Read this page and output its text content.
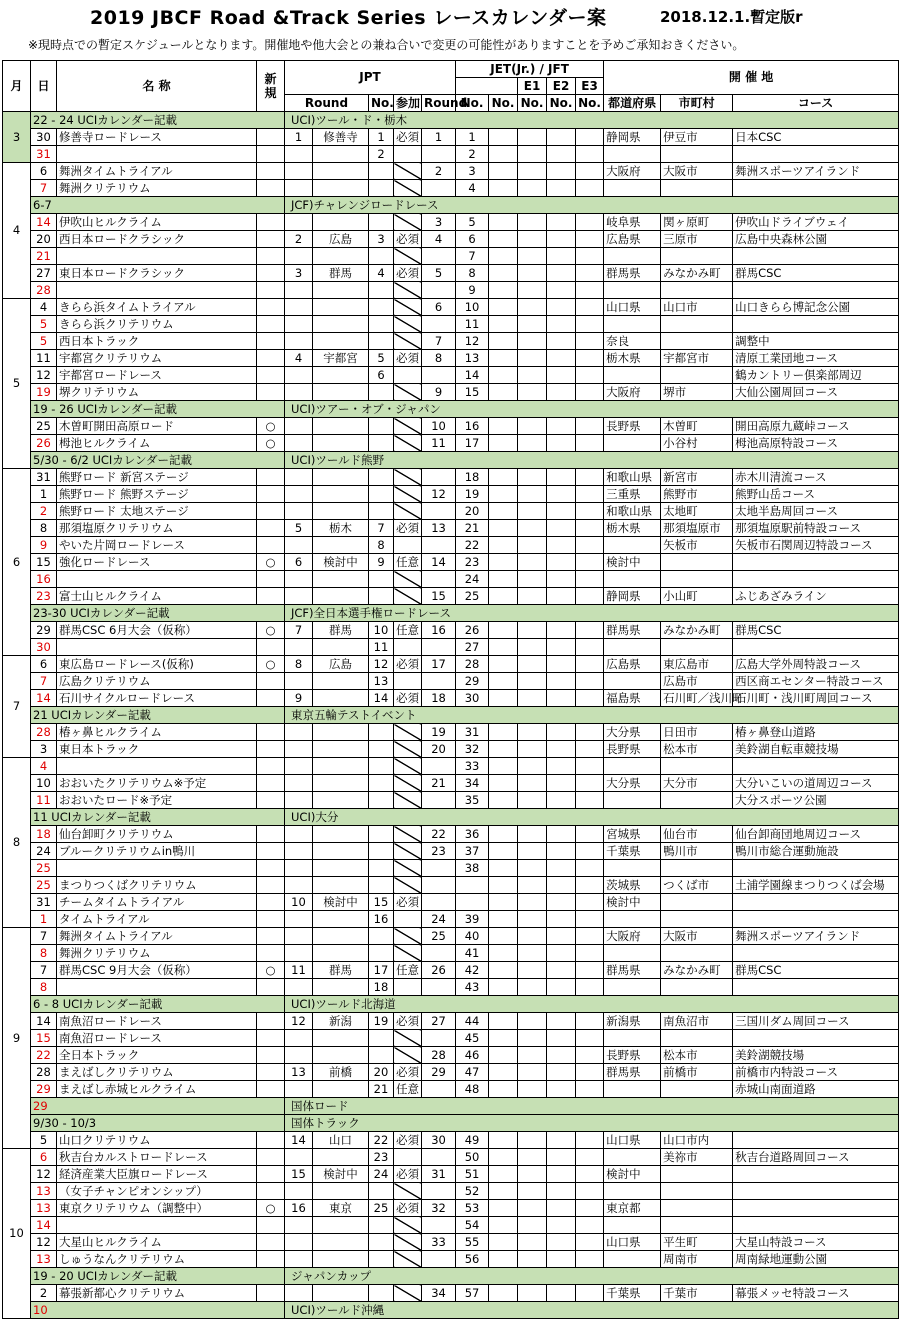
2019 JBCF Road &Track Series レースカレンダー案	2018.12.1.暫定版r
※現時点での暫定スケジュールとなります。開催地や他大会との兼ね合いで変更の可能性がありますことを予めご承知おきください。
月	日	名 称	新規	JPT					JET(Jr.) / JFT					開 催 地			
											E1	E2	E3	
				Round		No.	参加	Round	No.	No.	No.	No.	No.	都道府県	市町村	コース	
3	22 - 24 UCIカレンダー記載			UCI)ツール・ド・栃木													
	30	修善寺ロードレース		1	修善寺	1	必須	1	1					静岡県	伊豆市	日本CSC	
	31					2			2								
4	6	舞洲タイムトライアル						2	3					大阪府	大阪市	舞洲スポーツアイランド	
	7	舞洲クリテリウム							4								
	6-7			JCF)チャレンジロードレース													
	14	伊吹山ヒルクライム						3	5					岐阜県	関ヶ原町	伊吹山ドライブウェイ	
	20	西日本ロードクラシック		2	広島	3	必須	4	6					広島県	三原市	広島中央森林公園	
	21								7								
	27	東日本ロードクラシック		3	群馬	4	必須	5	8					群馬県	みなかみ町	群馬CSC	
	28								9								
5	4	きらら浜タイムトライアル						6	10					山口県	山口市	山口きらら博記念公園	
	5	きらら浜クリテリウム							11								
	5	西日本トラック						7	12					奈良		調整中	
	11	宇都宮クリテリウム		4	宇都宮	5	必須	8	13					栃木県	宇都宮市	清原工業団地コース	
	12	宇都宮ロードレース				6			14							鶴カントリー倶楽部周辺	
	19	堺クリテリウム						9	15					大阪府	堺市	大仙公園周回コース	
	19 - 26 UCIカレンダー記載			UCI)ツアー・オブ・ジャパン													
	25	木曽町開田高原ロード	○					10	16					長野県	木曽町	開田高原九蔵峠コース	
	26	栂池ヒルクライム	○					11	17						小谷村	栂池高原特設コース	
	5/30 - 6/2 UCIカレンダー記載			UCI)ツールド熊野													
6	31	熊野ロード 新宮ステージ							18					和歌山県	新宮市	赤木川清流コース	
	1	熊野ロード 熊野ステージ						12	19					三重県	熊野市	熊野山岳コース	
	2	熊野ロード 太地ステージ							20					和歌山県	太地町	太地半島周回コース	
	8	那須塩原クリテリウム		5	栃木	7	必須	13	21					栃木県	那須塩原市	那須塩原駅前特設コース	
	9	やいた片岡ロードレース				8			22						矢板市	矢板市石関周辺特設コース	
	15	強化ロードレース	○	6	検討中	9	任意	14	23					検討中			
	16								24								
	23	富士山ヒルクライム						15	25					静岡県	小山町	ふじあざみライン	
	23-30 UCIカレンダー記載			JCF)全日本選手権ロードレース													
	29	群馬CSC 6月大会（仮称）	○	7	群馬	10	任意	16	26					群馬県	みなかみ町	群馬CSC	
	30					11			27								
7	6	東広島ロードレース(仮称)	○	8	広島	12	必須	17	28					広島県	東広島市	広島大学外周特設コース	
	7	広島クリテリウム				13			29						広島市	西区商エセンター特設コース	
	14	石川サイクルロードレース		9		14	必須	18	30					福島県	石川町／浅川町	石川町・浅川町周回コース	
	21 UCIカレンダー記載			東京五輪テストイベント													
	28	椿ヶ鼻ヒルクライム						19	31					大分県	日田市	椿ヶ鼻登山道路	
	3	東日本トラック						20	32					長野県	松本市	美鈴湖自転車競技場	
8	4								33								
	10	おおいたクリテリウム※予定						21	34					大分県	大分市	大分いこいの道周辺コース	
	11	おおいたロード※予定							35							大分スポーツ公園	
	11 UCIカレンダー記載			UCI)大分													
	18	仙台卸町クリテリウム						22	36					宮城県	仙台市	仙台卸商団地周辺コース	
	24	ブルークリテリウムin鴨川						23	37					千葉県	鴨川市	鴨川市総合運動施設	
	25								38								
	25	まつりつくばクリテリウム												茨城県	つくば市	土浦学園線まつりつくば会場	
	31	チームタイムトライアル		10	検討中	15	必須							検討中			
	1	タイムトライアル				16		24	39								
9	7	舞洲タイムトライアル						25	40					大阪府	大阪市	舞洲スポーツアイランド	
	8	舞洲クリテリウム							41								
	7	群馬CSC 9月大会（仮称）	○	11	群馬	17	任意	26	42					群馬県	みなかみ町	群馬CSC	
	8					18			43								
	6 - 8 UCIカレンダー記載			UCI)ツールド北海道													
	14	南魚沼ロードレース		12	新潟	19	必須	27	44					新潟県	南魚沼市	三国川ダム周回コース	
	15	南魚沼ロードレース							45								
	22	全日本トラック						28	46					長野県	松本市	美鈴湖競技場	
	28	まえばしクリテリウム		13	前橋	20	必須	29	47					群馬県	前橋市	前橋市内特設コース	
	29	まえばし赤城ヒルクライム				21	任意		48							赤城山南面道路	
	29			国体ロード													
	9/30 - 10/3			国体トラック													
	5	山口クリテリウム		14	山口	22	必須	30	49					山口県	山口市内		
10	6	秋吉台カルストロードレース				23			50						美祢市	秋吉台道路周回コース	
	12	経済産業大臣旗ロードレース		15	検討中	24	必須	31	51					検討中			
	13	（女子チャンピオンシップ）							52								
	13	東京クリテリウム（調整中）	○	16	東京	25	必須	32	53					東京都			
	14								54								
	12	大星山ヒルクライム						33	55					山口県	平生町	大星山特設コース	
	13	しゅうなんクリテリウム							56						周南市	周南緑地運動公園	
	19 - 20 UCIカレンダー記載			ジャパンカップ													
	2	幕張新都心クリテリウム						34	57					千葉県	千葉市	幕張メッセ特設コース	
	10			UCI)ツールド沖縄													
